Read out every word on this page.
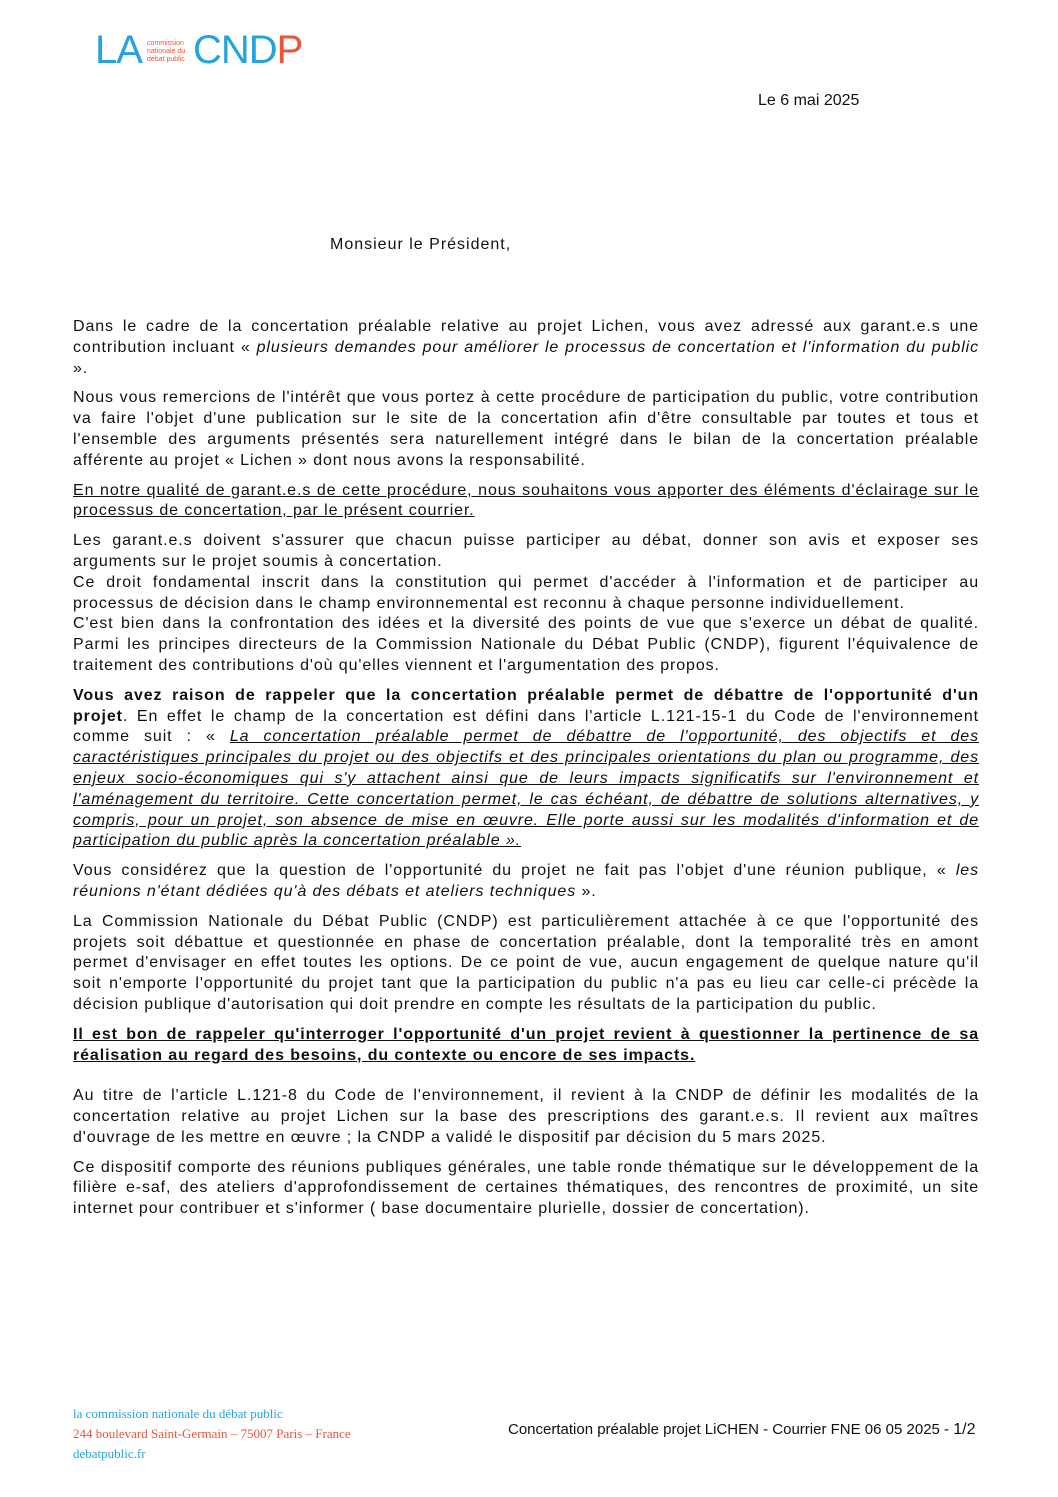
LA commission nationale du débat public CNDP
Le 6 mai 2025
Monsieur le Président,

Dans le cadre de la concertation préalable relative au projet Lichen, vous avez adressé aux garant.e.s une contribution incluant « plusieurs demandes pour améliorer le processus de concertation et l'information du public ».

Nous vous remercions de l'intérêt que vous portez à cette procédure de participation du public, votre contribution va faire l'objet d'une publication sur le site de la concertation afin d'être consultable par toutes et tous et l'ensemble des arguments présentés sera naturellement intégré dans le bilan de la concertation préalable afférente au projet « Lichen » dont nous avons la responsabilité.

En notre qualité de garant.e.s de cette procédure, nous souhaitons vous apporter des éléments d'éclairage sur le processus de concertation, par le présent courrier.

Les garant.e.s doivent s'assurer que chacun puisse participer au débat, donner son avis et exposer ses arguments sur le projet soumis à concertation.

Ce droit fondamental inscrit dans la constitution qui permet d'accéder à l'information et de participer au processus de décision dans le champ environnemental est reconnu à chaque personne individuellement.

C'est bien dans la confrontation des idées et la diversité des points de vue que s'exerce un débat de qualité. Parmi les principes directeurs de la Commission Nationale du Débat Public (CNDP), figurent l'équivalence de traitement des contributions d'où qu'elles viennent et l'argumentation des propos.

Vous avez raison de rappeler que la concertation préalable permet de débattre de l'opportunité d'un projet. En effet le champ de la concertation est défini dans l'article L.121-15-1 du Code de l'environnement comme suit : « La concertation préalable permet de débattre de l'opportunité, des objectifs et des caractéristiques principales du projet ou des objectifs et des principales orientations du plan ou programme, des enjeux socio-économiques qui s'y attachent ainsi que de leurs impacts significatifs sur l'environnement et l'aménagement du territoire. Cette concertation permet, le cas échéant, de débattre de solutions alternatives, y compris, pour un projet, son absence de mise en œuvre. Elle porte aussi sur les modalités d'information et de participation du public après la concertation préalable ».

Vous considérez que la question de l'opportunité du projet ne fait pas l'objet d'une réunion publique, « les réunions n'étant dédiées qu'à des débats et ateliers techniques ».

La Commission Nationale du Débat Public (CNDP) est particulièrement attachée à ce que l'opportunité des projets soit débattue et questionnée en phase de concertation préalable, dont la temporalité très en amont permet d'envisager en effet toutes les options. De ce point de vue, aucun engagement de quelque nature qu'il soit n'emporte l'opportunité du projet tant que la participation du public n'a pas eu lieu car celle-ci précède la décision publique d'autorisation qui doit prendre en compte les résultats de la participation du public.

Il est bon de rappeler qu'interroger l'opportunité d'un projet revient à questionner la pertinence de sa réalisation au regard des besoins, du contexte ou encore de ses impacts.

Au titre de l'article L.121-8 du Code de l'environnement, il revient à la CNDP de définir les modalités de la concertation relative au projet Lichen sur la base des prescriptions des garant.e.s. Il revient aux maîtres d'ouvrage de les mettre en œuvre ; la CNDP a validé le dispositif par décision du 5 mars 2025.

Ce dispositif comporte des réunions publiques générales, une table ronde thématique sur le développement de la filière e-saf, des ateliers d'approfondissement de certaines thématiques, des rencontres de proximité, un site internet pour contribuer et s'informer ( base documentaire plurielle, dossier de concertation).

la commission nationale du débat public
244 boulevard Saint-Germain – 75007 Paris – France
debatpublic.fr
Concertation préalable projet LiCHEN - Courrier FNE 06 05 2025 - 1/2
